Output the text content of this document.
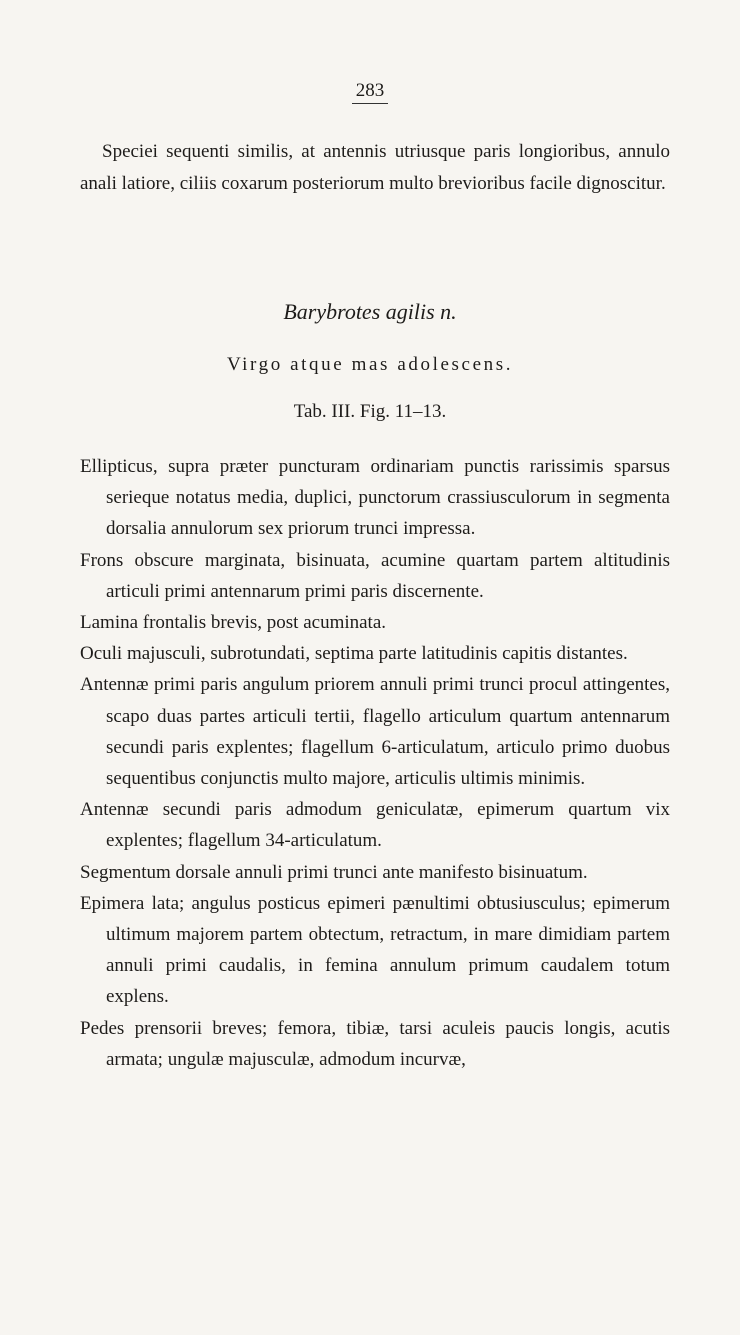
283

Speciei sequenti similis, at antennis utriusque paris longioribus, annulo anali latiore, ciliis coxarum posteriorum multo brevioribus facile dignoscitur.

Barybrotes agilis n.
Virgo atque mas adolescens.
Tab. III. Fig. 11–13.

Ellipticus, supra præter puncturam ordinariam punctis rarissimis sparsus serieque notatus media, duplici, punctorum crassiusculorum in segmenta dorsalia annulorum sex priorum trunci impressa.

Frons obscure marginata, bisinuata, acumine quartam partem altitudinis articuli primi antennarum primi paris discernente.

Lamina frontalis brevis, post acuminata.

Oculi majusculi, subrotundati, septima parte latitudinis capitis distantes.

Antennæ primi paris angulum priorem annuli primi trunci procul attingentes, scapo duas partes articuli tertii, flagello articulum quartum antennarum secundi paris explentes; flagellum 6-articulatum, articulo primo duobus sequentibus conjunctis multo majore, articulis ultimis minimis.

Antennæ secundi paris admodum geniculatæ, epimerum quartum vix explentes; flagellum 34-articulatum.

Segmentum dorsale annuli primi trunci ante manifesto bisinuatum.

Epimera lata; angulus posticus epimeri pænultimi obtusiusculus; epimerum ultimum majorem partem obtectum, retractum, in mare dimidiam partem annuli primi caudalis, in femina annulum primum caudalem totum explens.

Pedes prensorii breves; femora, tibiæ, tarsi aculeis paucis longis, acutis armata; ungulæ majusculæ, admodum incurvæ,
